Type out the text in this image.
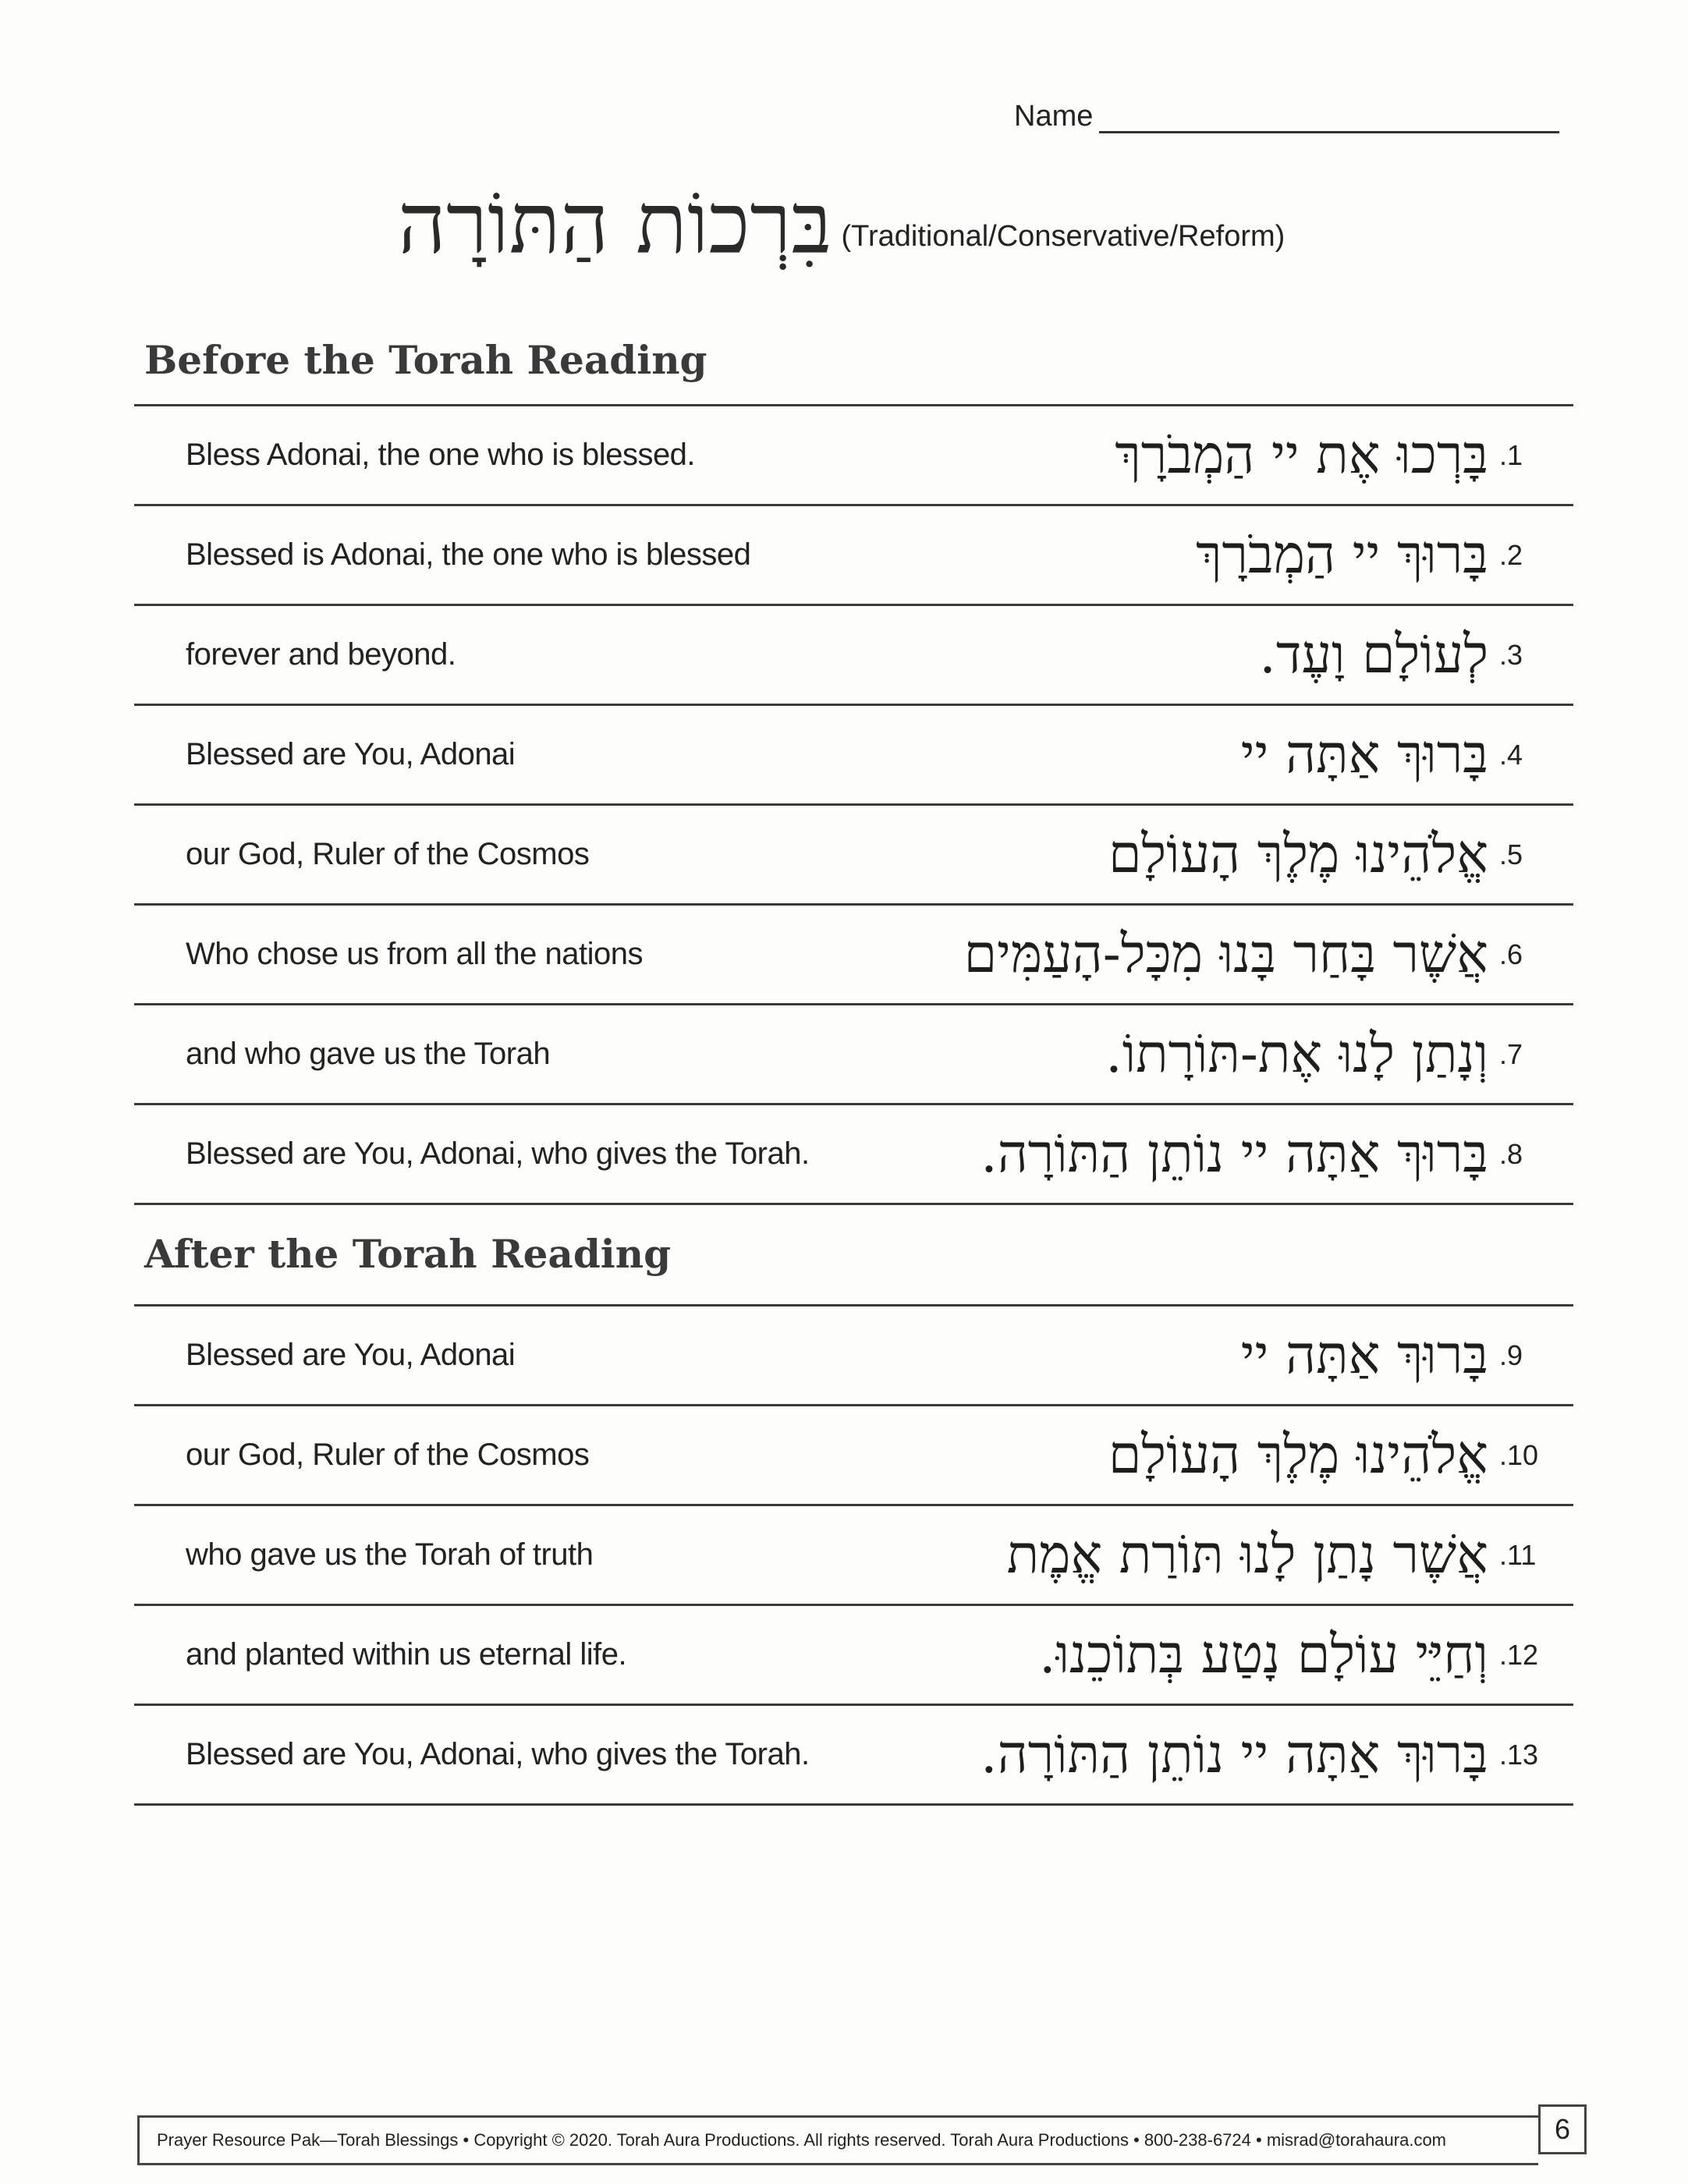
Name
בִּרְכוֹת הַתּוֹרָה (Traditional/Conservative/Reform)
Before the Torah Reading
Bless Adonai, the one who is blessed.	בָּרְכוּ אֶת יי הַמְבֹרָךְ 1.
Blessed is Adonai, the one who is blessed	בָּרוּךְ יי הַמְבֹרָךְ 2.
forever and beyond.	לְעוֹלָם וָעֶד. 3.
Blessed are You, Adonai	בָּרוּךְ אַתָּה יי 4.
our God, Ruler of the Cosmos	אֱלֹהֵינוּ מֶלֶךְ הָעוֹלָם 5.
Who chose us from all the nations	אֲשֶׁר בָּחַר בָּנוּ מִכָּל-הָעַמִּים 6.
and who gave us the Torah	וְנָתַן לָנוּ אֶת-תּוֹרָתוֹ. 7.
Blessed are You, Adonai, who gives the Torah.	בָּרוּךְ אַתָּה יי נוֹתֵן הַתּוֹרָה. 8.
After the Torah Reading
Blessed are You, Adonai	בָּרוּךְ אַתָּה יי 9.
our God, Ruler of the Cosmos	אֱלֹהֵינוּ מֶלֶךְ הָעוֹלָם 10.
who gave us the Torah of truth	אֲשֶׁר נָתַן לָנוּ תּוֹרַת אֱמֶת 11.
and planted within us eternal life.	וְחַיֵּי עוֹלָם נָטַע בְּתוֹכֵנוּ. 12.
Blessed are You, Adonai, who gives the Torah.	בָּרוּךְ אַתָּה יי נוֹתֵן הַתּוֹרָה. 13.
Prayer Resource Pak—Torah Blessings • Copyright © 2020. Torah Aura Productions. All rights reserved. Torah Aura Productions • 800-238-6724 • misrad@torahaura.com	6
